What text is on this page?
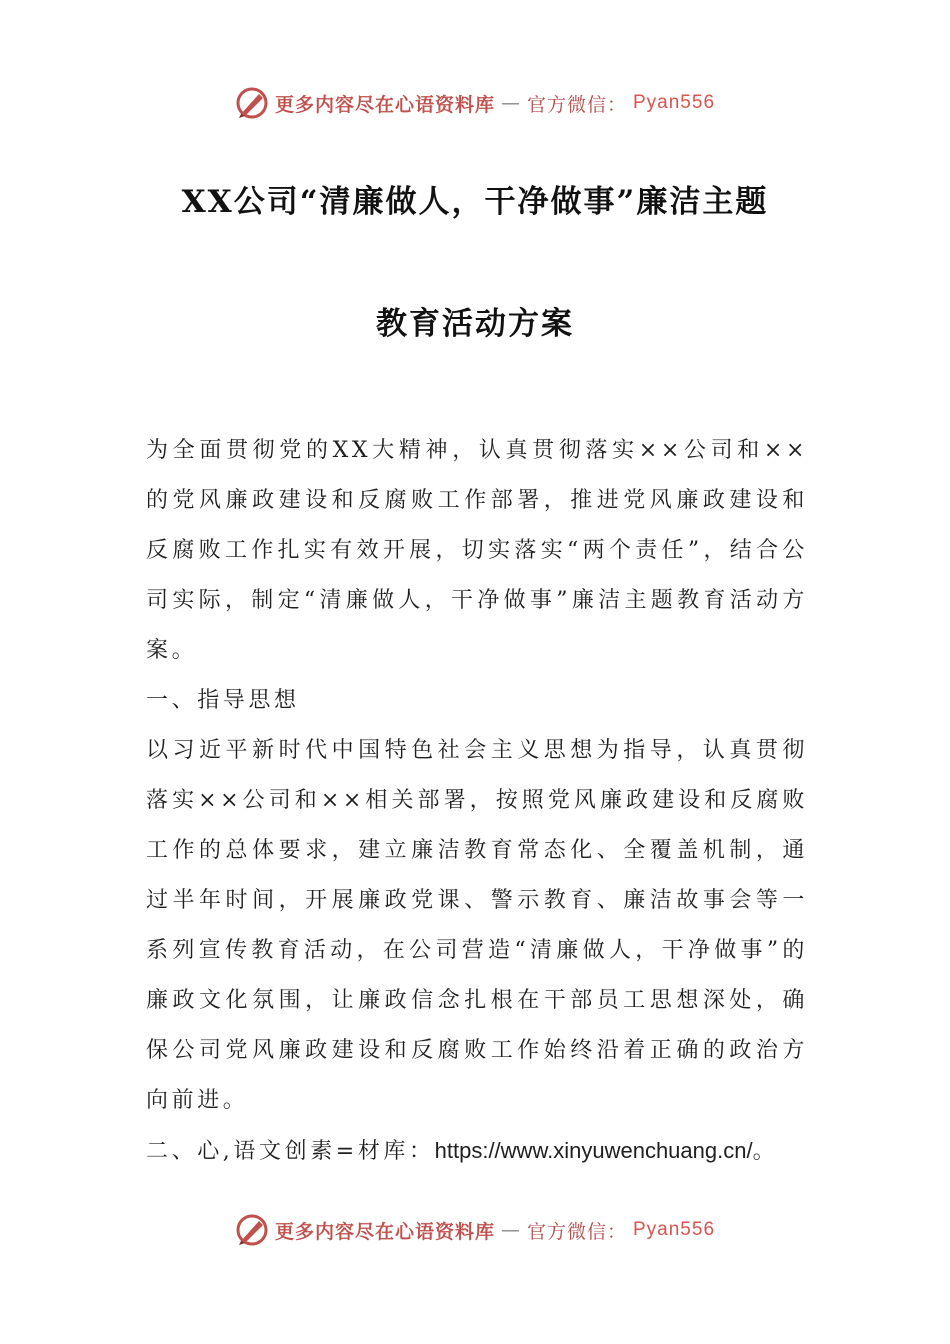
更多内容尽在心语资料库 — 官方微信： Pyan556
XX公司“清廉做人，干净做事”廉洁主题
教育活动方案

为全面贯彻党的XX大精神，认真贯彻落实××公司和××的党风廉政建设和反腐败工作部署，推进党风廉政建设和反腐败工作扎实有效开展，切实落实“两个责任”，结合公司实际，制定“清廉做人，干净做事”廉洁主题教育活动方案。

一、指导思想

以习近平新时代中国特色社会主义思想为指导，认真贯彻落实××公司和××相关部署，按照党风廉政建设和反腐败工作的总体要求，建立廉洁教育常态化、全覆盖机制，通过半年时间，开展廉政党课、警示教育、廉洁故事会等一系列宣传教育活动，在公司营造“清廉做人，干净做事”的廉政文化氛围，让廉政信念扎根在干部员工思想深处，确保公司党风廉政建设和反腐败工作始终沿着正确的政治方向前进。

二、心,语文创素=材库：https://www.xinyuwenchuang.cn/。

更多内容尽在心语资料库 — 官方微信： Pyan556
